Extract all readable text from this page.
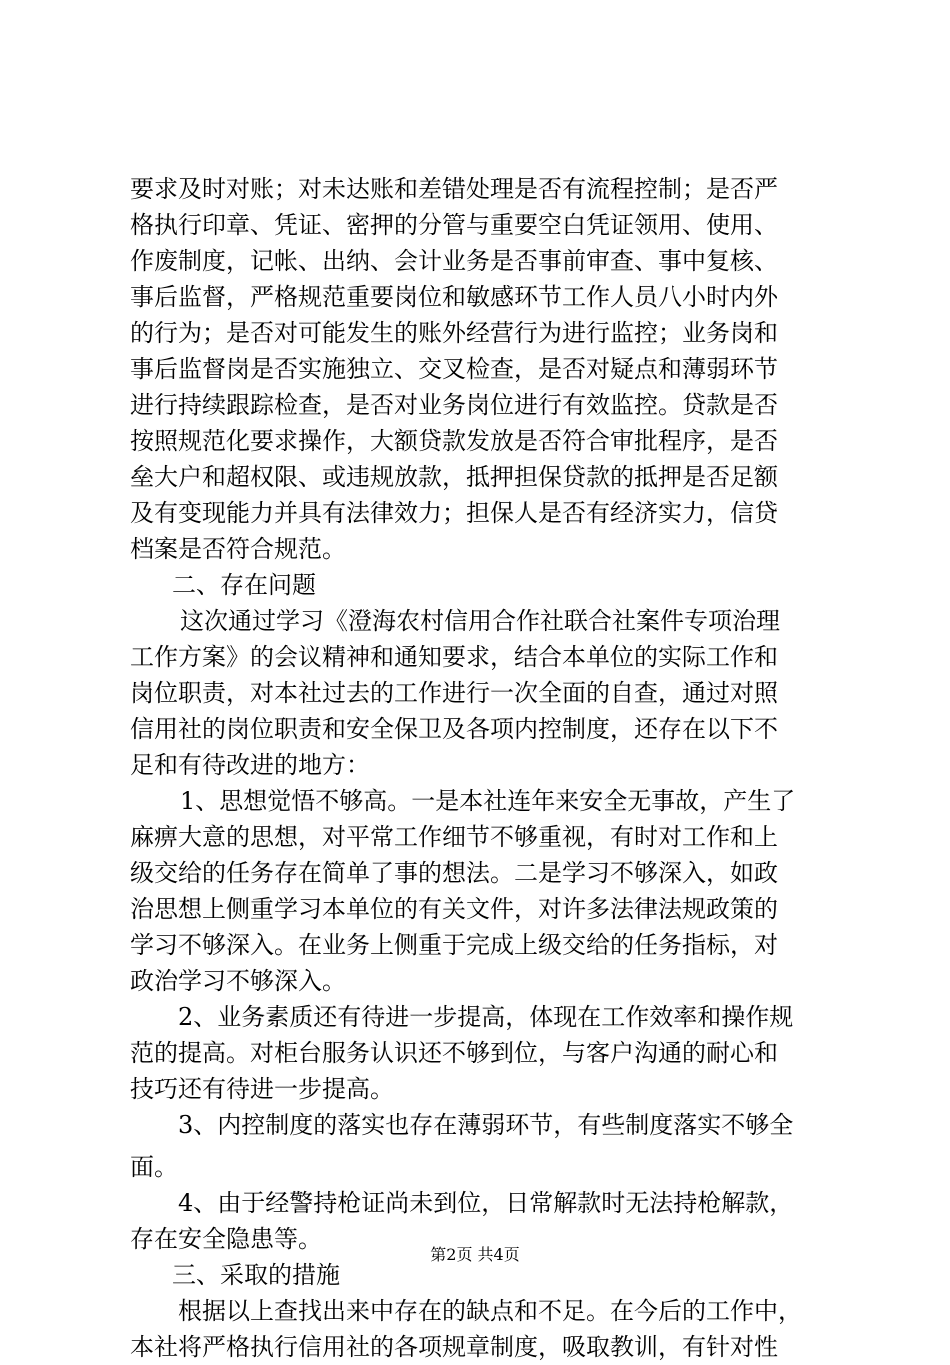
要求及时对账；对未达账和差错处理是否有流程控制；是否严
格执行印章、凭证、密押的分管与重要空白凭证领用、使用、
作废制度，记帐、出纳、会计业务是否事前审查、事中复核、
事后监督，严格规范重要岗位和敏感环节工作人员八小时内外
的行为；是否对可能发生的账外经营行为进行监控；业务岗和
事后监督岗是否实施独立、交叉检查，是否对疑点和薄弱环节
进行持续跟踪检查，是否对业务岗位进行有效监控。贷款是否
按照规范化要求操作，大额贷款发放是否符合审批程序，是否
垒大户和超权限、或违规放款，抵押担保贷款的抵押是否足额
及有变现能力并具有法律效力；担保人是否有经济实力，信贷
档案是否符合规范。
二、存在问题
这次通过学习《澄海农村信用合作社联合社案件专项治理
工作方案》的会议精神和通知要求，结合本单位的实际工作和
岗位职责，对本社过去的工作进行一次全面的自查，通过对照
信用社的岗位职责和安全保卫及各项内控制度，还存在以下不
足和有待改进的地方：
1、思想觉悟不够高。一是本社连年来安全无事故，产生了
麻痹大意的思想，对平常工作细节不够重视，有时对工作和上
级交给的任务存在简单了事的想法。二是学习不够深入，如政
治思想上侧重学习本单位的有关文件，对许多法律法规政策的
学习不够深入。在业务上侧重于完成上级交给的任务指标，对
政治学习不够深入。
2、业务素质还有待进一步提高，体现在工作效率和操作规
范的提高。对柜台服务认识还不够到位，与客户沟通的耐心和
技巧还有待进一步提高。
3、内控制度的落实也存在薄弱环节，有些制度落实不够全
面。
4、由于经警持枪证尚未到位，日常解款时无法持枪解款，
存在安全隐患等。
三、采取的措施
根据以上查找出来中存在的缺点和不足。在今后的工作中，
本社将严格执行信用社的各项规章制度，吸取教训，有针对性
第2页 共4页
